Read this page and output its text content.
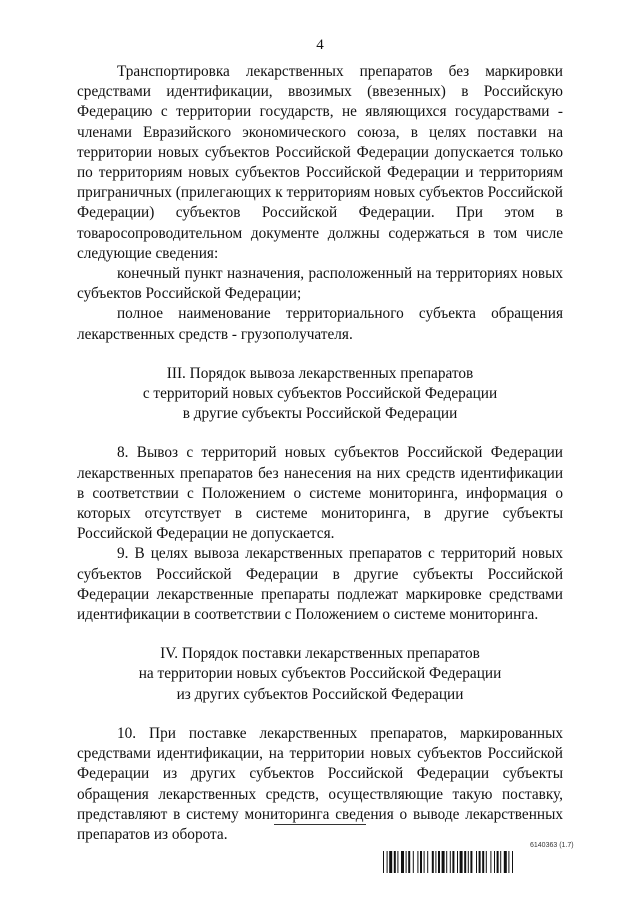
4

Транспортировка лекарственных препаратов без маркировки средствами идентификации, ввозимых (ввезенных) в Российскую Федерацию с территории государств, не являющихся государствами - членами Евразийского экономического союза, в целях поставки на территории новых субъектов Российской Федерации допускается только по территориям новых субъектов Российской Федерации и территориям приграничных (прилегающих к территориям новых субъектов Российской Федерации) субъектов Российской Федерации. При этом в товаросопроводительном документе должны содержаться в том числе следующие сведения:

конечный пункт назначения, расположенный на территориях новых субъектов Российской Федерации;

полное наименование территориального субъекта обращения лекарственных средств - грузополучателя.

III. Порядок вывоза лекарственных препаратов
с территорий новых субъектов Российской Федерации
в другие субъекты Российской Федерации

8. Вывоз с территорий новых субъектов Российской Федерации лекарственных препаратов без нанесения на них средств идентификации в соответствии с Положением о системе мониторинга, информация о которых отсутствует в системе мониторинга, в другие субъекты Российской Федерации не допускается.

9. В целях вывоза лекарственных препаратов с территорий новых субъектов Российской Федерации в другие субъекты Российской Федерации лекарственные препараты подлежат маркировке средствами идентификации в соответствии с Положением о системе мониторинга.

IV. Порядок поставки лекарственных препаратов
на территории новых субъектов Российской Федерации
из других субъектов Российской Федерации

10. При поставке лекарственных препаратов, маркированных средствами идентификации, на территории новых субъектов Российской Федерации из других субъектов Российской Федерации субъекты обращения лекарственных средств, осуществляющие такую поставку, представляют в систему мониторинга сведения о выводе лекарственных препаратов из оборота.

6140363 (1.7)
